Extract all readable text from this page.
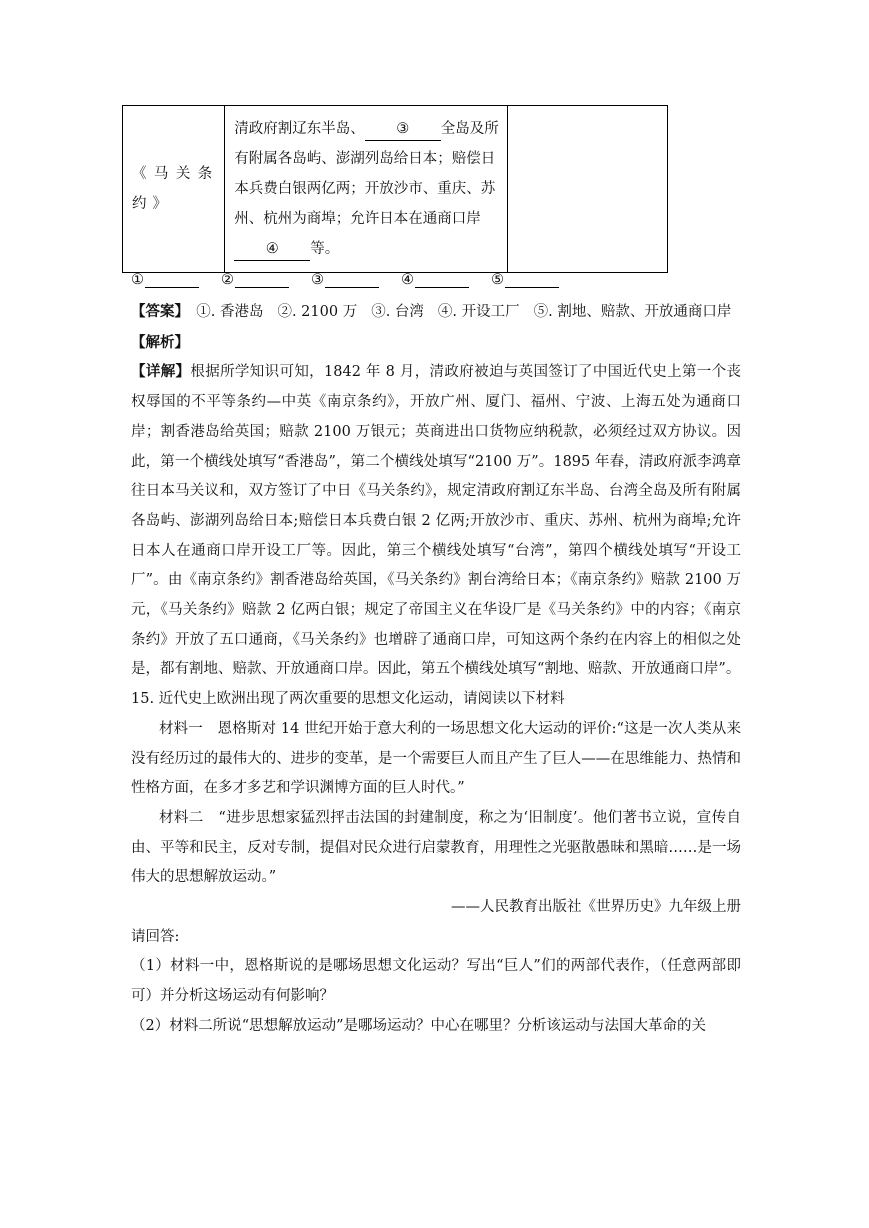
《马关条约》
	清政府割辽东半岛、 ③ 全岛及所有附属各岛屿、澎湖列岛给日本；赔偿日本兵费白银两亿两；开放沙市、重庆、苏州、杭州为商埠；允许日本在通商口岸④ 等。	
①	②	③	④	⑤

【答案】　 ①. 香港岛 ②. 2100 万 ③. 台湾 ④. 开设工厂 ⑤. 割地、赔款、开放通商口岸

【解析】

【详解】根据所学知识可知，1842 年 8 月，清政府被迫与英国签订了中国近代史上第一个丧权辱国的不平等条约—中英《南京条约》，开放广州、厦门、福州、宁波、上海五处为通商口岸；割香港岛给英国；赔款 2100 万银元；英商进出口货物应纳税款，必须经过双方协议。因此，第一个横线处填写“香港岛”，第二个横线处填写“2100 万”。1895 年春，清政府派李鸿章往日本马关议和，双方签订了中日《马关条约》，规定清政府割辽东半岛、台湾全岛及所有附属各岛屿、澎湖列岛给日本;赔偿日本兵费白银 2 亿两;开放沙市、重庆、苏州、杭州为商埠;允许日本人在通商口岸开设工厂等。因此，第三个横线处填写“台湾”，第四个横线处填写“开设工厂”。由《南京条约》割香港岛给英国，《马关条约》割台湾给日本；《南京条约》赔款 2100 万元，《马关条约》赔款 2 亿两白银；规定了帝国主义在华设厂是《马关条约》中的内容；《南京条约》开放了五口通商，《马关条约》也增辟了通商口岸，可知这两个条约在内容上的相似之处是，都有割地、赔款、开放通商口岸。因此，第五个横线处填写“割地、赔款、开放通商口岸”。

15. 近代史上欧洲出现了两次重要的思想文化运动，请阅读以下材料

材料一　恩格斯对 14 世纪开始于意大利的一场思想文化大运动的评价:“这是一次人类从来没有经历过的最伟大的、进步的变革，是一个需要巨人而且产生了巨人——在思维能力、热情和性格方面，在多才多艺和学识渊博方面的巨人时代。”

材料二　“进步思想家猛烈抨击法国的封建制度，称之为‘旧制度’。他们著书立说，宣传自由、平等和民主，反对专制，提倡对民众进行启蒙教育，用理性之光驱散愚昧和黑暗……是一场伟大的思想解放运动。”

——人民教育出版社《世界历史》九年级上册

请回答:

（1）材料一中，恩格斯说的是哪场思想文化运动？写出“巨人”们的两部代表作，（任意两部即可）并分析这场运动有何影响？

（2）材料二所说“思想解放运动”是哪场运动？中心在哪里？分析该运动与法国大革命的关
